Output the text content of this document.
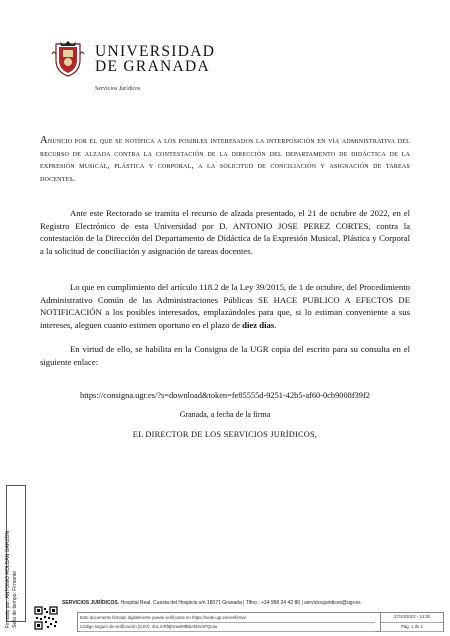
UNIVERSIDAD
DE GRANADA
Servicios Jurídicos
Anuncio por el que se notifica a los posibles interesados la interposición en vía administrativa del recurso de alzada contra la contestación de la dirección del departamento de didáctica de la expresión musical, plástica y corporal, a la solicitud de conciliación y asignación de tareas docentes.
Ante este Rectorado se tramita el recurso de alzada presentado, el 21 de octubre de 2022, en el Registro Electrónico de esta Universidad por D. ANTONIO JOSE PEREZ CORTES, contra la contestación de la Dirección del Departamento de Didáctica de la Expresión Musical, Plástica y Corporal a la solicitud de conciliación y asignación de tareas docentes.
Lo que en cumplimiento del artículo 118.2 de la Ley 39/2015, de 1 de octubre, del Procedimiento Administrativo Común de las Administraciones Públicas SE HACE PUBLICO A EFECTOS DE NOTIFICACIÓN a los posibles interesados, emplazándoles para que, si lo estiman conveniente a sus intereses, aleguen cuanto estimen oportuno en el plazo de diez días.
En virtud de ello, se habilita en la Consigna de la UGR copia del escrito para su consulta en el siguiente enlace:
https://consigna.ugr.es/?s=download&token=fe85555d-9251-42b5-af60-0cb9008f39f2
Granada, a fecha de la firma
EL DIRECTOR DE LOS SERVICIOS JURÍDICOS,
Firmado por: ANTONIO ROLDÁN GARZÓN Sello de tiempo: Firmante	SERVICIOS JURÍDICOS. Hospital Real. Cuesta del Hospicio s/n 18071 Granada | Tlfno.: +34 958 24 42 80 | serviciosjuridicos@ugr.es
Este documento firmado digitalmente puede verificarse en https://sede.ugr.es/verifirma/
Código seguro de verificación (CSV): 4ULiVRf8j0cweMfBkAkDvHFQcau
27/10/2022 - 14:30
Pág. 1 de 1
